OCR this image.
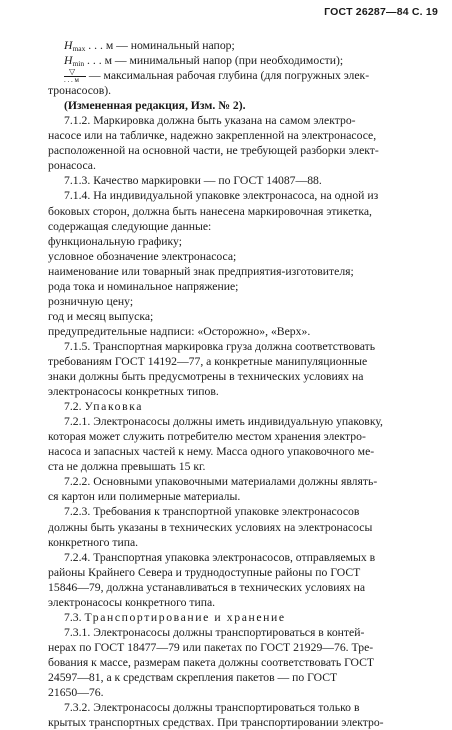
ГОСТ 26287—84 С. 19
$H_{max}$ . . . м — номинальный напор;
$H_{min}$ . . . м — минимальный напор (при необходимости);
▽
. . . м — максимальная рабочая глубина (для погружных элек-
тронасосов).
(Измененная редакция, Изм. № 2).
7.1.2. Маркировка должна быть указана на самом электро-
насосе или на табличке, надежно закрепленной на электронасосе,
расположенной на основной части, не требующей разборки элект-
ронасоса.
7.1.3. Качество маркировки — по ГОСТ 14087—88.
7.1.4. На индивидуальной упаковке электронасоса, на одной из
боковых сторон, должна быть нанесена маркировочная этикетка,
содержащая следующие данные:
функциональную графику;
условное обозначение электронасоса;
наименование или товарный знак предприятия-изготовителя;
рода тока и номинальное напряжение;
розничную цену;
год и месяц выпуска;
предупредительные надписи: «Осторожно», «Верх».
7.1.5. Транспортная маркировка груза должна соответствовать
требованиям ГОСТ 14192—77, а конкретные манипуляционные
знаки должны быть предусмотрены в технических условиях на
электронасосы конкретных типов.
7.2. Упаковка
7.2.1. Электронасосы должны иметь индивидуальную упаковку,
которая может служить потребителю местом хранения электро-
насоса и запасных частей к нему. Масса одного упаковочного ме-
ста не должна превышать 15 кг.
7.2.2. Основными упаковочными материалами должны являть-
ся картон или полимерные материалы.
7.2.3. Требования к транспортной упаковке электронасосов
должны быть указаны в технических условиях на электронасосы
конкретного типа.
7.2.4. Транспортная упаковка электронасосов, отправляемых в
районы Крайнего Севера и труднодоступные районы по ГОСТ
15846—79, должна устанавливаться в технических условиях на
электронасосы конкретного типа.
7.3. Транспортирование и хранение
7.3.1. Электронасосы должны транспортироваться в контей-
нерах по ГОСТ 18477—79 или пакетах по ГОСТ 21929—76. Тре-
бования к массе, размерам пакета должны соответствовать ГОСТ
24597—81, а к средствам скрепления пакетов — по ГОСТ
21650—76.
7.3.2. Электронасосы должны транспортироваться только в
крытых транспортных средствах. При транспортировании электро-
